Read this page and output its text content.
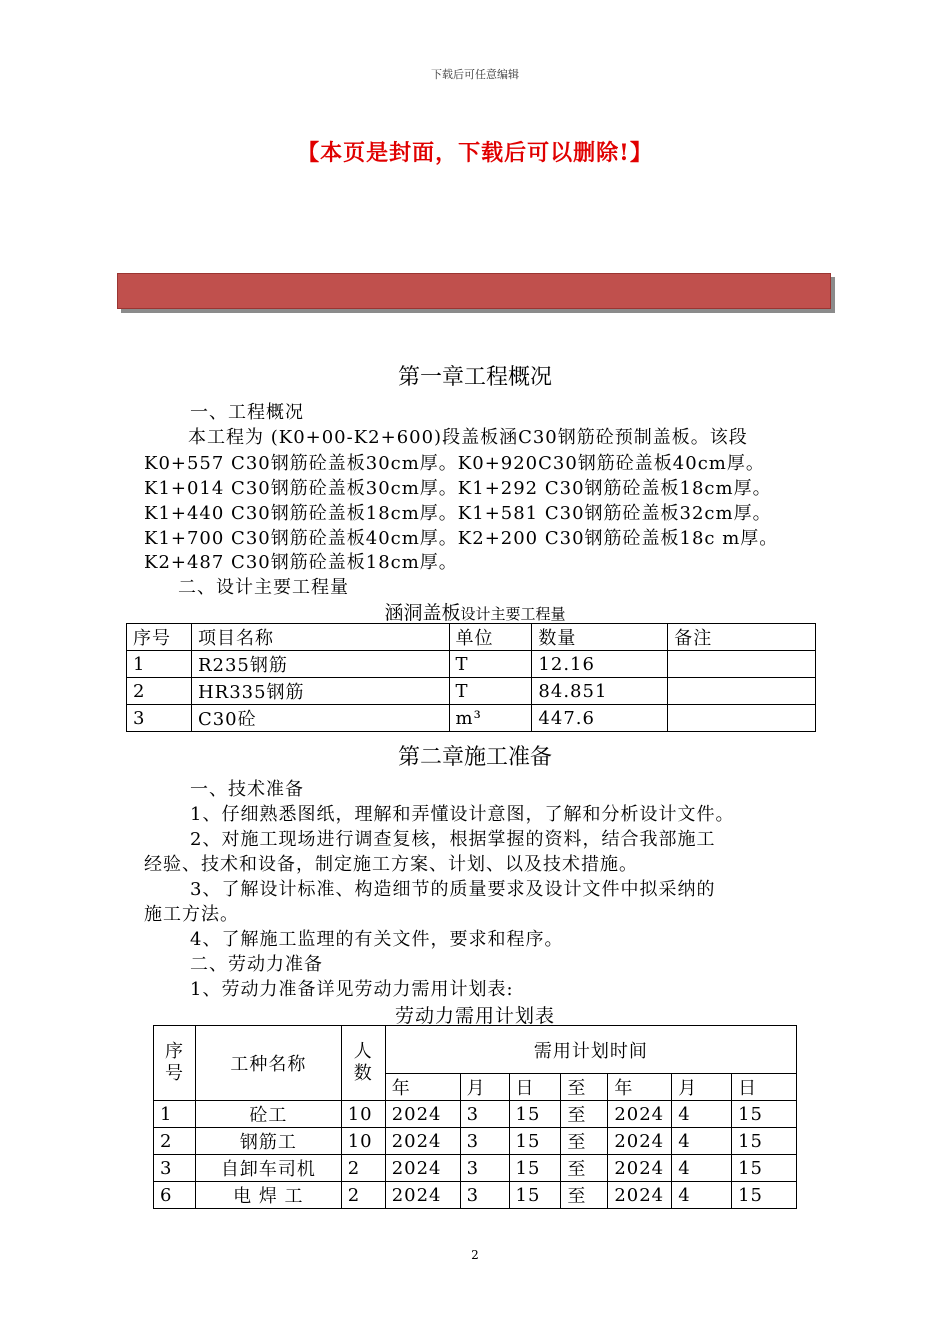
下载后可任意编辑
【本页是封面，下载后可以删除!】
第一章工程概况
一、工程概况
本工程为 (K0+00-K2+600)段盖板涵C30钢筋砼预制盖板。该段
K0+557 C30钢筋砼盖板30cm厚。K0+920C30钢筋砼盖板40cm厚。
K1+014 C30钢筋砼盖板30cm厚。K1+292 C30钢筋砼盖板18cm厚。
K1+440 C30钢筋砼盖板18cm厚。K1+581 C30钢筋砼盖板32cm厚。
K1+700 C30钢筋砼盖板40cm厚。K2+200 C30钢筋砼盖板18c m厚。
K2+487 C30钢筋砼盖板18cm厚。
二、设计主要工程量
涵洞盖板设计主要工程量
序号	项目名称	单位	数量	备注
1	R235钢筋	T	12.16	
2	HR335钢筋	T	84.851	
3	C30砼	m³	447.6	
第二章施工准备
一、技术准备
1、仔细熟悉图纸，理解和弄懂设计意图，了解和分析设计文件。
2、对施工现场进行调查复核，根据掌握的资料，结合我部施工
经验、技术和设备，制定施工方案、计划、以及技术措施。
3、了解设计标准、构造细节的质量要求及设计文件中拟采纳的
施工方法。
4、了解施工监理的有关文件，要求和程序。
二、劳动力准备
1、劳动力准备详见劳动力需用计划表:
劳动力需用计划表
序号	工种名称	人数	需用计划时间						
			年	月	日	至	年	月	日
1	砼工	10	2024	3	15	至	2024	4	15
2	钢筋工	10	2024	3	15	至	2024	4	15
3	自卸车司机	2	2024	3	15	至	2024	4	15
6	电 焊 工	2	2024	3	15	至	2024	4	15
2
